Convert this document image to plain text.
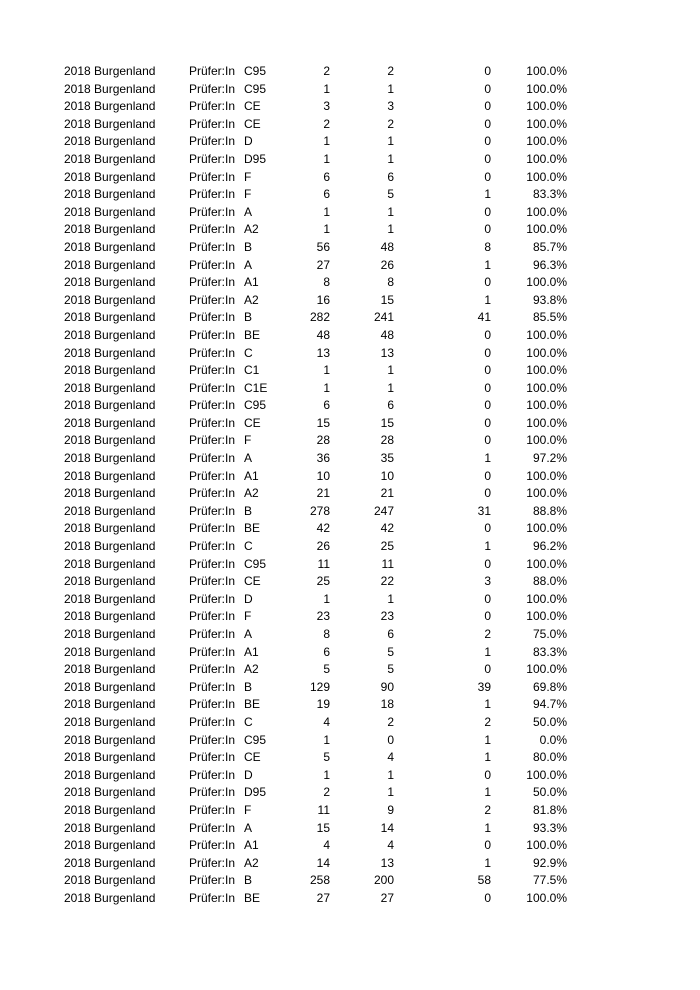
2018 Burgenland	Prüfer:In C95	2	2	0	100.0%
2018 Burgenland	Prüfer:In C95	1	1	0	100.0%
2018 Burgenland	Prüfer:In CE	3	3	0	100.0%
2018 Burgenland	Prüfer:In CE	2	2	0	100.0%
2018 Burgenland	Prüfer:In D	1	1	0	100.0%
2018 Burgenland	Prüfer:In D95	1	1	0	100.0%
2018 Burgenland	Prüfer:In F	6	6	0	100.0%
2018 Burgenland	Prüfer:In F	6	5	1	83.3%
2018 Burgenland	Prüfer:In A	1	1	0	100.0%
2018 Burgenland	Prüfer:In A2	1	1	0	100.0%
2018 Burgenland	Prüfer:In B	56	48	8	85.7%
2018 Burgenland	Prüfer:In A	27	26	1	96.3%
2018 Burgenland	Prüfer:In A1	8	8	0	100.0%
2018 Burgenland	Prüfer:In A2	16	15	1	93.8%
2018 Burgenland	Prüfer:In B	282	241	41	85.5%
2018 Burgenland	Prüfer:In BE	48	48	0	100.0%
2018 Burgenland	Prüfer:In C	13	13	0	100.0%
2018 Burgenland	Prüfer:In C1	1	1	0	100.0%
2018 Burgenland	Prüfer:In C1E	1	1	0	100.0%
2018 Burgenland	Prüfer:In C95	6	6	0	100.0%
2018 Burgenland	Prüfer:In CE	15	15	0	100.0%
2018 Burgenland	Prüfer:In F	28	28	0	100.0%
2018 Burgenland	Prüfer:In A	36	35	1	97.2%
2018 Burgenland	Prüfer:In A1	10	10	0	100.0%
2018 Burgenland	Prüfer:In A2	21	21	0	100.0%
2018 Burgenland	Prüfer:In B	278	247	31	88.8%
2018 Burgenland	Prüfer:In BE	42	42	0	100.0%
2018 Burgenland	Prüfer:In C	26	25	1	96.2%
2018 Burgenland	Prüfer:In C95	11	11	0	100.0%
2018 Burgenland	Prüfer:In CE	25	22	3	88.0%
2018 Burgenland	Prüfer:In D	1	1	0	100.0%
2018 Burgenland	Prüfer:In F	23	23	0	100.0%
2018 Burgenland	Prüfer:In A	8	6	2	75.0%
2018 Burgenland	Prüfer:In A1	6	5	1	83.3%
2018 Burgenland	Prüfer:In A2	5	5	0	100.0%
2018 Burgenland	Prüfer:In B	129	90	39	69.8%
2018 Burgenland	Prüfer:In BE	19	18	1	94.7%
2018 Burgenland	Prüfer:In C	4	2	2	50.0%
2018 Burgenland	Prüfer:In C95	1	0	1	0.0%
2018 Burgenland	Prüfer:In CE	5	4	1	80.0%
2018 Burgenland	Prüfer:In D	1	1	0	100.0%
2018 Burgenland	Prüfer:In D95	2	1	1	50.0%
2018 Burgenland	Prüfer:In F	11	9	2	81.8%
2018 Burgenland	Prüfer:In A	15	14	1	93.3%
2018 Burgenland	Prüfer:In A1	4	4	0	100.0%
2018 Burgenland	Prüfer:In A2	14	13	1	92.9%
2018 Burgenland	Prüfer:In B	258	200	58	77.5%
2018 Burgenland	Prüfer:In BE	27	27	0	100.0%
